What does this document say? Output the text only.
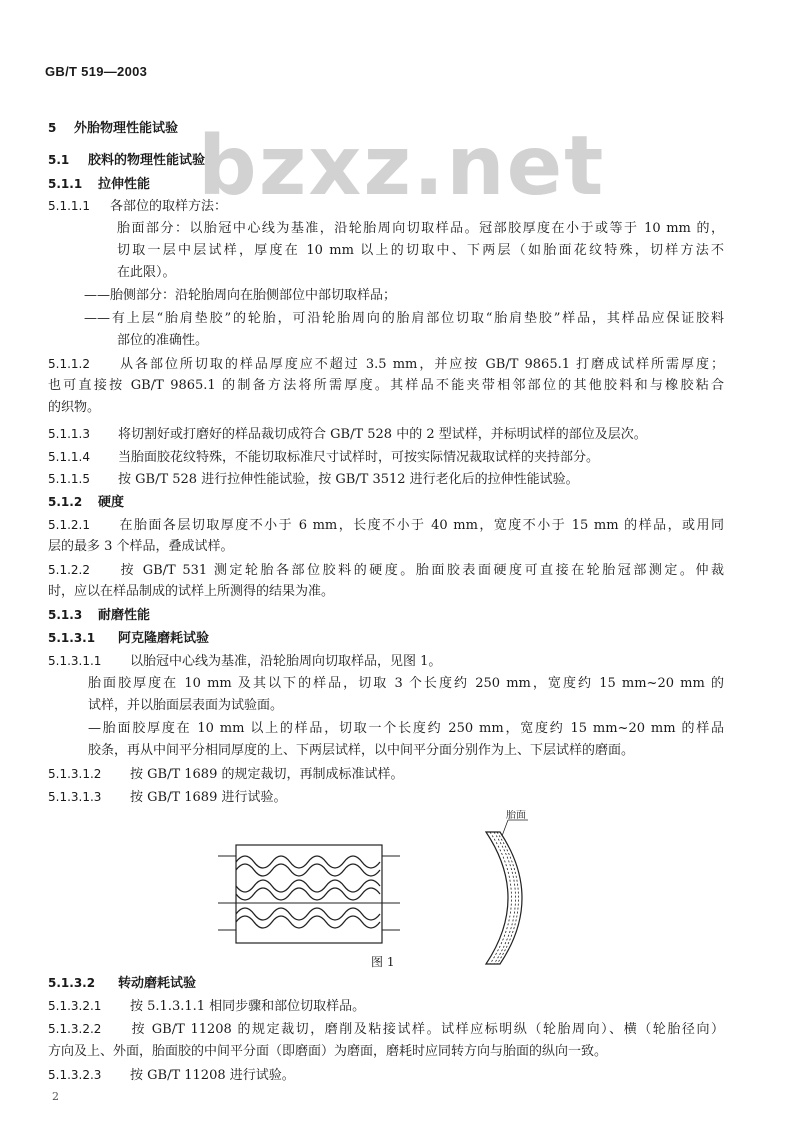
GB/T 519—2003
bzxz.net
5 外胎物理性能试验
5.1 胶料的物理性能试验
5.1.1 拉伸性能
5.1.1.1 各部位的取样方法：
胎面部分：以胎冠中心线为基准，沿轮胎周向切取样品。冠部胶厚度在小于或等于 10 mm 的，
切取一层中层试样，厚度在 10 mm 以上的切取中、下两层（如胎面花纹特殊，切样方法不
在此限）。
——胎侧部分：沿轮胎周向在胎侧部位中部切取样品；
——有上层“胎肩垫胶”的轮胎，可沿轮胎周向的胎肩部位切取“胎肩垫胶”样品，其样品应保证胶料
部位的准确性。
5.1.1.2 从各部位所切取的样品厚度应不超过 3.5 mm，并应按 GB/T 9865.1 打磨成试样所需厚度；
也可直接按 GB/T 9865.1 的制备方法将所需厚度。其样品不能夹带相邻部位的其他胶料和与橡胶粘合
的织物。
5.1.1.3 将切割好或打磨好的样品裁切成符合 GB/T 528 中的 2 型试样，并标明试样的部位及层次。
5.1.1.4 当胎面胶花纹特殊，不能切取标准尺寸试样时，可按实际情况裁取试样的夹持部分。
5.1.1.5 按 GB/T 528 进行拉伸性能试验，按 GB/T 3512 进行老化后的拉伸性能试验。
5.1.2 硬度
5.1.2.1 在胎面各层切取厚度不小于 6 mm，长度不小于 40 mm，宽度不小于 15 mm 的样品，或用同
层的最多 3 个样品，叠成试样。
5.1.2.2 按 GB/T 531 测定轮胎各部位胶料的硬度。胎面胶表面硬度可直接在轮胎冠部测定。仲裁
时，应以在样品制成的试样上所测得的结果为准。
5.1.3 耐磨性能
5.1.3.1 阿克隆磨耗试验
5.1.3.1.1 以胎冠中心线为基准，沿轮胎周向切取样品，见图 1。
胎面胶厚度在 10 mm 及其以下的样品，切取 3 个长度约 250 mm，宽度约 15 mm~20 mm 的
试样，并以胎面层表面为试验面。
—胎面胶厚度在 10 mm 以上的样品，切取一个长度约 250 mm，宽度约 15 mm~20 mm 的样品
胶条，再从中间平分相同厚度的上、下两层试样，以中间平分面分别作为上、下层试样的磨面。
5.1.3.1.2 按 GB/T 1689 的规定裁切，再制成标准试样。
5.1.3.1.3 按 GB/T 1689 进行试验。
胎面
图 1
5.1.3.2 转动磨耗试验
5.1.3.2.1 按 5.1.3.1.1 相同步骤和部位切取样品。
5.1.3.2.2 按 GB/T 11208 的规定裁切，磨削及粘接试样。试样应标明纵（轮胎周向）、横（轮胎径向）
方向及上、外面，胎面胶的中间平分面（即磨面）为磨面，磨耗时应同转方向与胎面的纵向一致。
5.1.3.2.3 按 GB/T 11208 进行试验。
2
